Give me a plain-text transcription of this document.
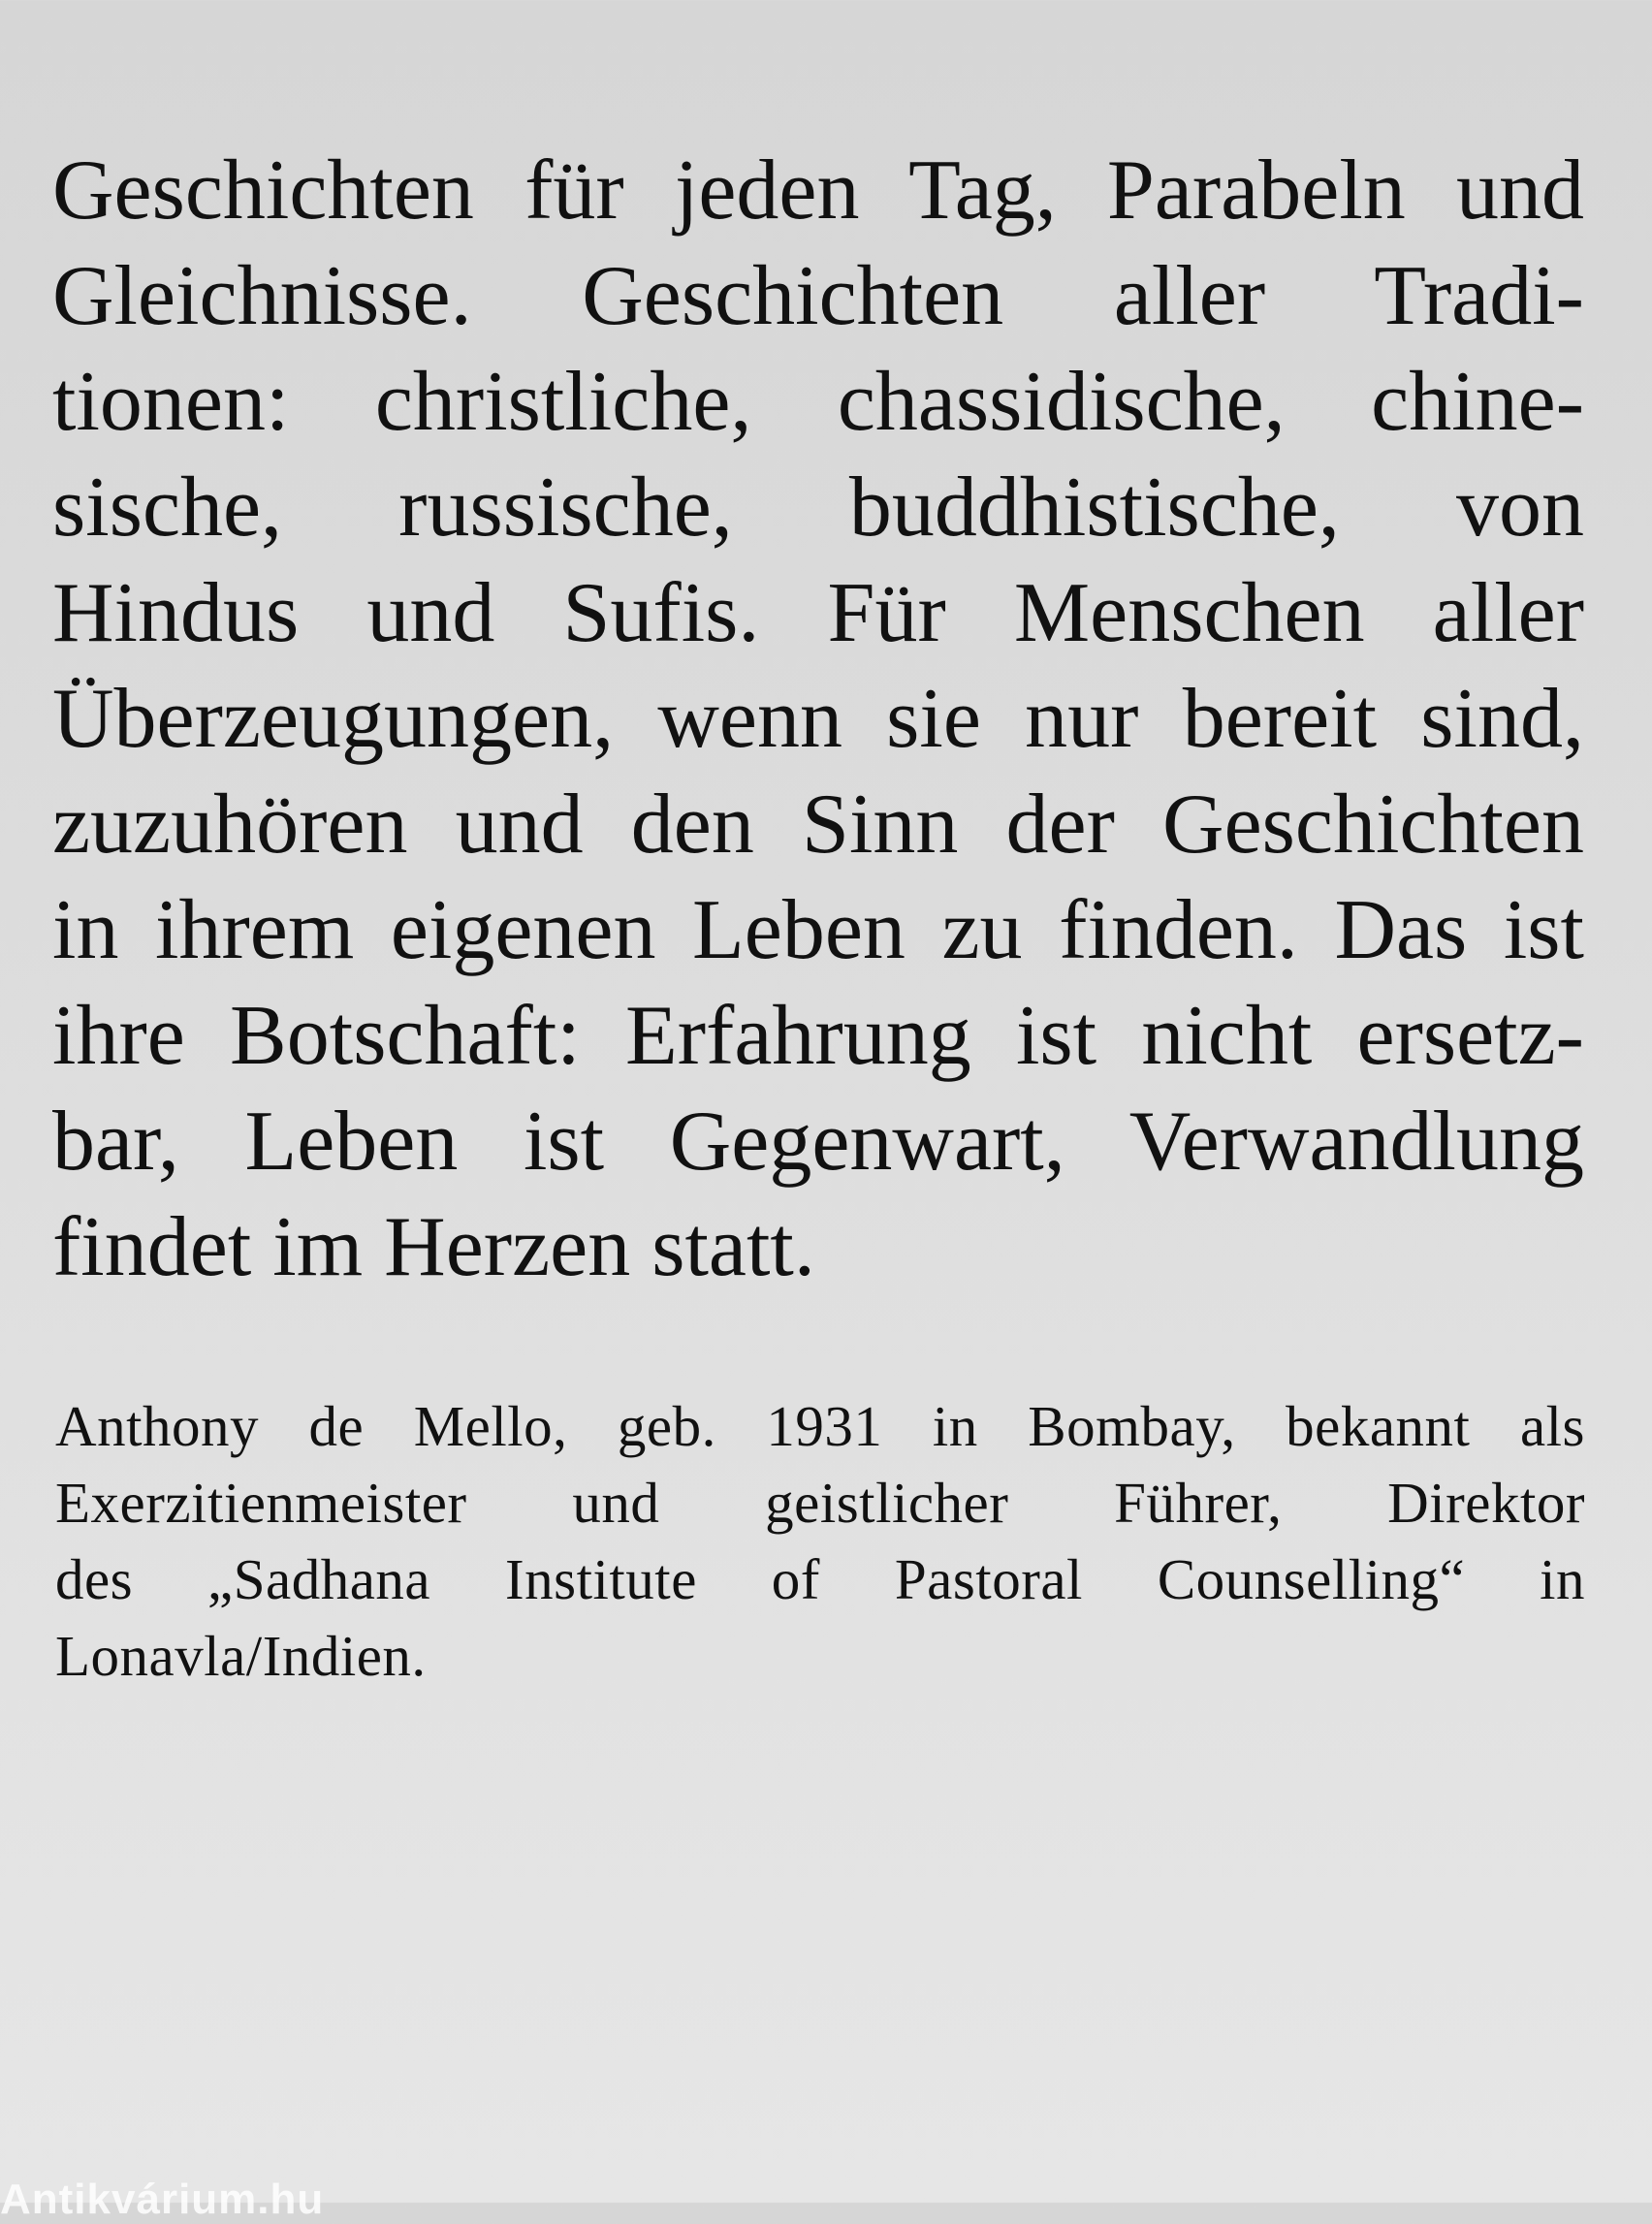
Geschichten für jeden Tag, Parabeln und
Gleichnisse. Geschichten aller Tradi-
tionen: christliche, chassidische, chine-
sische, russische, buddhistische, von
Hindus und Sufis. Für Menschen aller
Überzeugungen, wenn sie nur bereit sind,
zuzuhören und den Sinn der Geschichten
in ihrem eigenen Leben zu finden. Das ist
ihre Botschaft: Erfahrung ist nicht ersetz-
bar, Leben ist Gegenwart, Verwandlung
findet im Herzen statt.
Anthony de Mello, geb. 1931 in Bombay, bekannt als
Exerzitienmeister und geistlicher Führer, Direktor
des „Sadhana Institute of Pastoral Counselling“ in
Lonavla/Indien.
Antikvárium.hu
